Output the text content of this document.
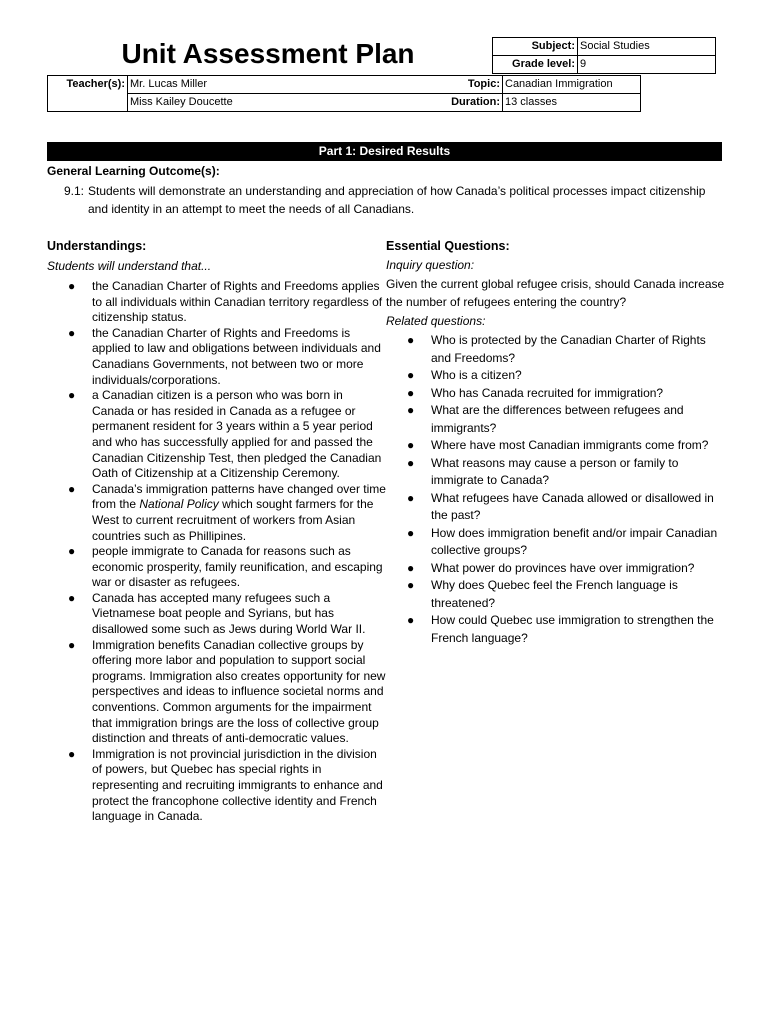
Unit Assessment Plan	Subject:	Social Studies
Grade level:	9
Teacher(s):	Mr. Lucas Miller	Topic:	Canadian Immigration
	Miss Kailey Doucette	Duration:	13 classes
Part 1: Desired Results
General Learning Outcome(s):
9.1: Students will demonstrate an understanding and appreciation of how Canada’s political processes impact citizenship and identity in an attempt to meet the needs of all Canadians.
Understandings:
Students will understand that...
● the Canadian Charter of Rights and Freedoms applies to all individuals within Canadian territory regardless of citizenship status.
● the Canadian Charter of Rights and Freedoms is applied to law and obligations between individuals and Canadians Governments, not between two or more individuals/corporations.
● a Canadian citizen is a person who was born in Canada or has resided in Canada as a refugee or permanent resident for 3 years within a 5 year period and who has successfully applied for and passed the Canadian Citizenship Test, then pledged the Canadian Oath of Citizenship at a Citizenship Ceremony.
● Canada’s immigration patterns have changed over time from the National Policy which sought farmers for the West to current recruitment of workers from Asian countries such as Phillipines.
● people immigrate to Canada for reasons such as economic prosperity, family reunification, and escaping war or disaster as refugees.
● Canada has accepted many refugees such a Vietnamese boat people and Syrians, but has disallowed some such as Jews during World War II.
● Immigration benefits Canadian collective groups by offering more labor and population to support social programs. Immigration also creates opportunity for new perspectives and ideas to influence societal norms and conventions. Common arguments for the impairment that immigration brings are the loss of collective group distinction and threats of anti-democratic values.
● Immigration is not provincial jurisdiction in the division of powers, but Quebec has special rights in representing and recruiting immigrants to enhance and protect the francophone collective identity and French language in Canada.
Essential Questions:
Inquiry question:
Given the current global refugee crisis, should Canada increase the number of refugees entering the country?
Related questions:
● Who is protected by the Canadian Charter of Rights and Freedoms?
● Who is a citizen?
● Who has Canada recruited for immigration?
● What are the differences between refugees and immigrants?
● Where have most Canadian immigrants come from?
● What reasons may cause a person or family to immigrate to Canada?
● What refugees have Canada allowed or disallowed in the past?
● How does immigration benefit and/or impair Canadian collective groups?
● What power do provinces have over immigration?
● Why does Quebec feel the French language is threatened?
● How could Quebec use immigration to strengthen the French language?
